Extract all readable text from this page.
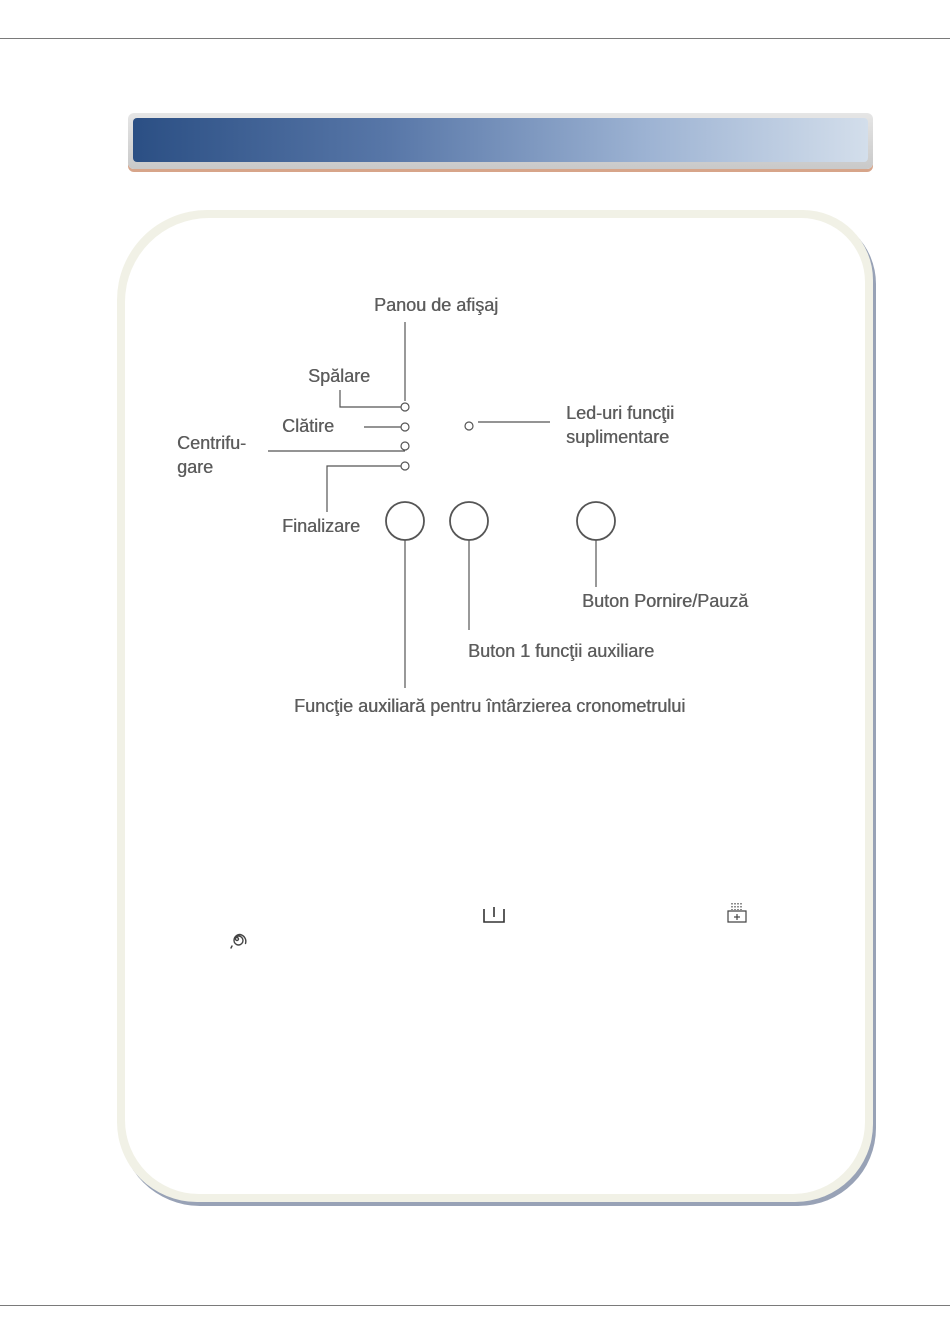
Panou de afişaj
Spălare
Clătire
Centrifu-
gare
Finalizare
Led-uri funcţii
suplimentare
Buton Pornire/Pauză
Buton 1 funcţii auxiliare
Funcţie auxiliară pentru întârzierea cronometrului
